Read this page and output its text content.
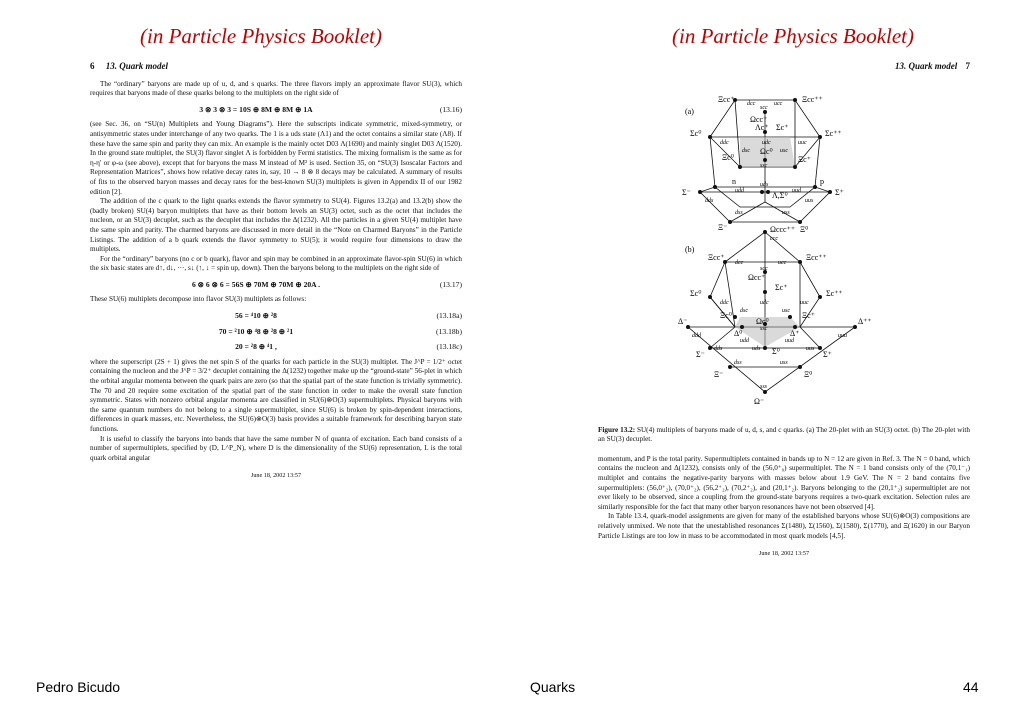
(in Particle Physics Booklet)	(in Particle Physics Booklet)
6 13. Quark model

The “ordinary” baryons are made up of u, d, and s quarks. The three flavors imply an approximate flavor SU(3), which requires that baryons made of these quarks belong to the multiplets on the right side of

3 ⊗ 3 ⊗ 3 = 10S ⊕ 8M ⊕ 8M ⊕ 1A	(13.16)

(see Sec. 36, on “SU(n) Multiplets and Young Diagrams”). Here the subscripts indicate symmetric, mixed-symmetry, or antisymmetric states under interchange of any two quarks. The 1 is a uds state (Λ1) and the octet contains a similar state (Λ8). If these have the same spin and parity they can mix. An example is the mainly octet D03 Λ(1690) and mainly singlet D03 Λ(1520). In the ground state multiplet, the SU(3) flavor singlet Λ is forbidden by Fermi statistics. The mixing formalism is the same as for η-η′ or φ-ω (see above), except that for baryons the mass M instead of M² is used. Section 35, on “SU(3) Isoscalar Factors and Representation Matrices”, shows how relative decay rates in, say, 10 → 8 ⊗ 8 decays may be calculated. A summary of results of fits to the observed baryon masses and decay rates for the best-known SU(3) multiplets is given in Appendix II of our 1982 edition [2].

The addition of the c quark to the light quarks extends the flavor symmetry to SU(4). Figures 13.2(a) and 13.2(b) show the (badly broken) SU(4) baryon multiplets that have as their bottom levels an SU(3) octet, such as the octet that includes the nucleon, or an SU(3) decuplet, such as the decuplet that includes the Δ(1232). All the particles in a given SU(4) multiplet have the same spin and parity. The charmed baryons are discussed in more detail in the “Note on Charmed Baryons” in the Particle Listings. The addition of a b quark extends the flavor symmetry to SU(5); it would require four dimensions to draw the multiplets.

For the “ordinary” baryons (no c or b quark), flavor and spin may be combined in an approximate flavor-spin SU(6) in which the six basic states are d↑, d↓, ···, s↓ (↑, ↓ = spin up, down). Then the baryons belong to the multiplets on the right side of

6 ⊗ 6 ⊗ 6 = 56S ⊕ 70M ⊕ 70M ⊕ 20A .	(13.17)

These SU(6) multiplets decompose into flavor SU(3) multiplets as follows:

56 = ⁴10 ⊕ ²8	(13.18a)
70 = ²10 ⊕ ⁴8 ⊕ ²8 ⊕ ²1	(13.18b)
20 = ²8 ⊕ ⁴1 ,	(13.18c)

where the superscript (2S + 1) gives the net spin S of the quarks for each particle in the SU(3) multiplet. The J^P = 1/2⁺ octet containing the nucleon and the J^P = 3/2⁺ decuplet containing the Δ(1232) together make up the “ground-state” 56-plet in which the orbital angular momenta between the quark pairs are zero (so that the spatial part of the state function is trivially symmetric). The 70 and 20 require some excitation of the spatial part of the state function in order to make the overall state function symmetric. States with nonzero orbital angular momenta are classified in SU(6)⊗O(3) supermultiplets. Physical baryons with the same quantum numbers do not belong to a single supermultiplet, since SU(6) is broken by spin-dependent interactions, differences in quark masses, etc. Nevertheless, the SU(6)⊗O(3) basis provides a suitable framework for describing baryon state functions.

It is useful to classify the baryons into bands that have the same number N of quanta of excitation. Each band consists of a number of supermultiplets, specified by (D, L^P_N), where D is the dimensionality of the SU(6) representation, L is the total quark orbital angular

June 18, 2002 13:57
13. Quark model 7
Figure 13.2: SU(4) multiplets of baryons made of u, d, s, and c quarks. (a) The 20-plet with an SU(3) octet. (b) The 20-plet with an SU(3) decuplet.

momentum, and P is the total parity. Supermultiplets contained in bands up to N = 12 are given in Ref. 3. The N = 0 band, which contains the nucleon and Δ(1232), consists only of the (56,0⁺₀) supermultiplet. The N = 1 band consists only of the (70,1⁻₁) multiplet and contains the negative-parity baryons with masses below about 1.9 GeV. The N = 2 band contains five supermultiplets: (56,0⁺₂), (70,0⁺₂), (56,2⁺₂), (70,2⁺₂), and (20,1⁺₂). Baryons belonging to the (20,1⁺₂) supermultiplet are not ever likely to be observed, since a coupling from the ground-state baryons requires a two-quark excitation. Selection rules are similarly responsible for the fact that many other baryon resonances have not been observed [4].

In Table 13.4, quark-model assignments are given for many of the established baryons whose SU(6)⊗O(3) compositions are relatively unmixed. We note that the unestablished resonances Σ(1480), Σ(1560), Σ(1580), Σ(1770), and Ξ(1620) in our Baryon Particle Listings are too low in mass to be accommodated in most quark models [4,5].

June 18, 2002 13:57
(a)
Ξcc⁺	Ξcc⁺⁺
Ωcc⁺
dcc	ucc
scc
Σc⁰	Σc⁺⁺
Λc⁺ Σc⁺
ddc	udc	uuc
dsc	usc
ssc
Ξc⁰	Ξc⁺
Ωc⁰
n	p
udd	uud
uds
Σ⁻	Σ⁺
Λ,Σ⁰
dds	uus
dss	uss
Ξ⁻	Ξ⁰
(b)
Ωccc⁺⁺
ccc
Ξcc⁺	Ξcc⁺⁺
Ωcc⁺
dcc	ucc
scc
Σc⁰
Σc⁺
Σc⁺⁺
ddc	udc	uuc
dsc	usc
ssc
Ξc⁰	Ξc⁺
Ωc⁰
Δ⁻
Δ⁰	Δ⁺
Δ⁺⁺
ddd
udd	uud
uuu
Σ⁻	Σ⁰	Σ⁺
dds	uds	uus
Ξ⁻	Ξ⁰
dss	uss
Ω⁻
sss
Pedro Bicudo	Quarks	44
